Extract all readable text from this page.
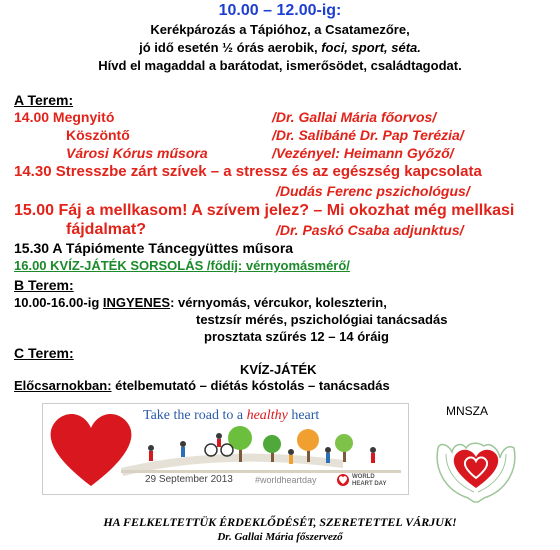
10.00 – 12.00-ig:
Kerékpározás a Tápióhoz, a Csatamezőre,
jó idő esetén ½ órás aerobik, foci, sport, séta.
Hívd el magaddal a barátodat, ismerősödet, családtagodat.
A Terem:
14.00 Megnyitó	/Dr. Gallai Mária főorvos/
Köszöntő	/Dr. Salibáné Dr. Pap Terézia/
Városi Kórus műsora	/Vezényel: Heimann Győző/
14.30 Stresszbe zárt szívek – a stressz és az egészség kapcsolata
/Dudás Ferenc pszichológus/
15.00 Fáj a mellkasom! A szívem jelez? – Mi okozhat még mellkasi
fájdalmat?	/Dr. Paskó Csaba adjunktus/
15.30 A Tápiómente Táncegyüttes műsora
16.00 KVÍZ-JÁTÉK SORSOLÁS /fődíj: vérnyomásmérő/
B Terem:
10.00-16.00-ig INGYENES: vérnyomás, vércukor, koleszterin,
testzsír mérés, pszichológiai tanácsadás
prosztata szűrés 12 – 14 óráig
C Terem:
KVÍZ-JÁTÉK
Előcsarnokban: ételbemutató – diétás kóstolás – tanácsadás
Take the road to a healthy heart
29 September 2013 #worldheartday	WORLD
HEART DAY
MNSZA
HA FELKELTETTÜK ÉRDEKLŐDÉSÉT, SZERETETTEL VÁRJUK!
Dr. Gallai Mária főszervező
